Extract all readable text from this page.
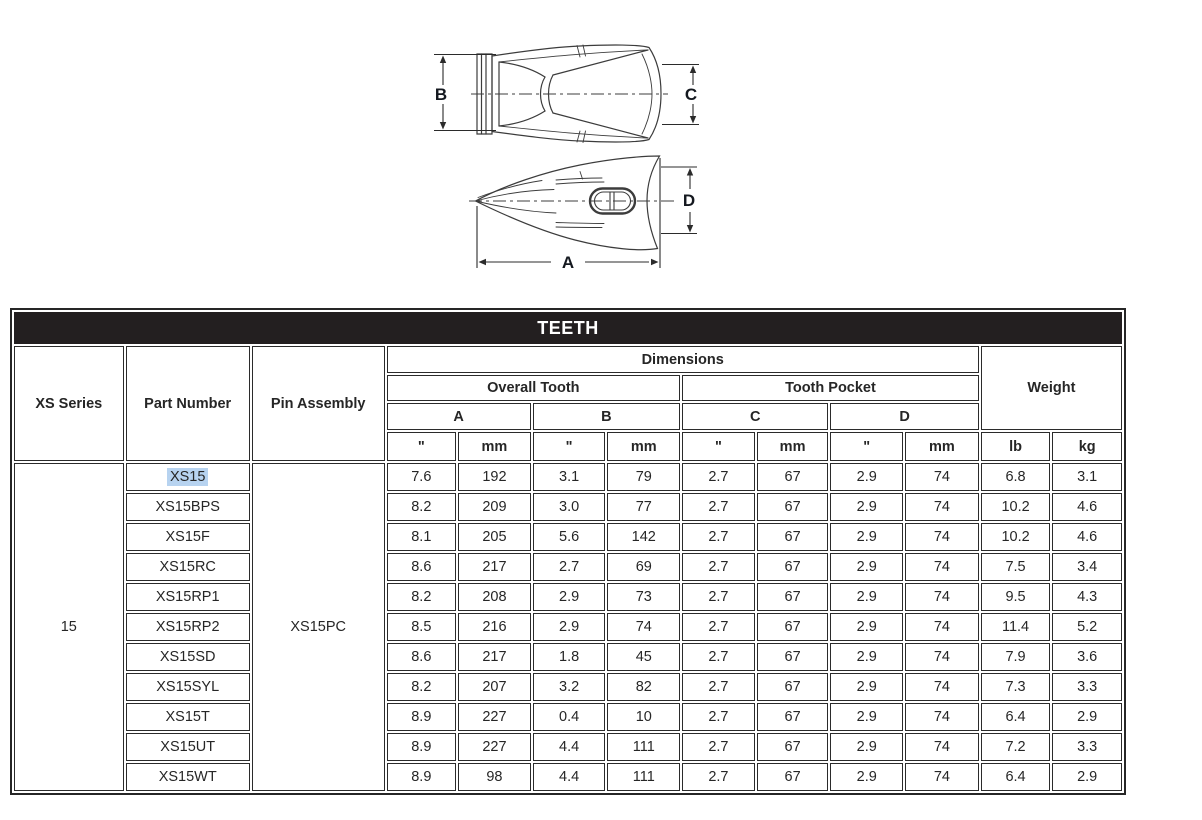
B	C
D
A
TEETH												
XS Series	Part Number	Pin Assembly	Dimensions								Weight	
			Overall Tooth				Tooth Pocket					
			A		B		C		D			
			"	mm	"	mm	"	mm	"	mm	lb	kg
15	XS15	XS15PC	7.6	192	3.1	79	2.7	67	2.9	74	6.8	3.1
	XS15BPS		8.2	209	3.0	77	2.7	67	2.9	74	10.2	4.6
	XS15F		8.1	205	5.6	142	2.7	67	2.9	74	10.2	4.6
	XS15RC		8.6	217	2.7	69	2.7	67	2.9	74	7.5	3.4
	XS15RP1		8.2	208	2.9	73	2.7	67	2.9	74	9.5	4.3
	XS15RP2		8.5	216	2.9	74	2.7	67	2.9	74	11.4	5.2
	XS15SD		8.6	217	1.8	45	2.7	67	2.9	74	7.9	3.6
	XS15SYL		8.2	207	3.2	82	2.7	67	2.9	74	7.3	3.3
	XS15T		8.9	227	0.4	10	2.7	67	2.9	74	6.4	2.9
	XS15UT		8.9	227	4.4	111	2.7	67	2.9	74	7.2	3.3
	XS15WT		8.9	98	4.4	111	2.7	67	2.9	74	6.4	2.9
